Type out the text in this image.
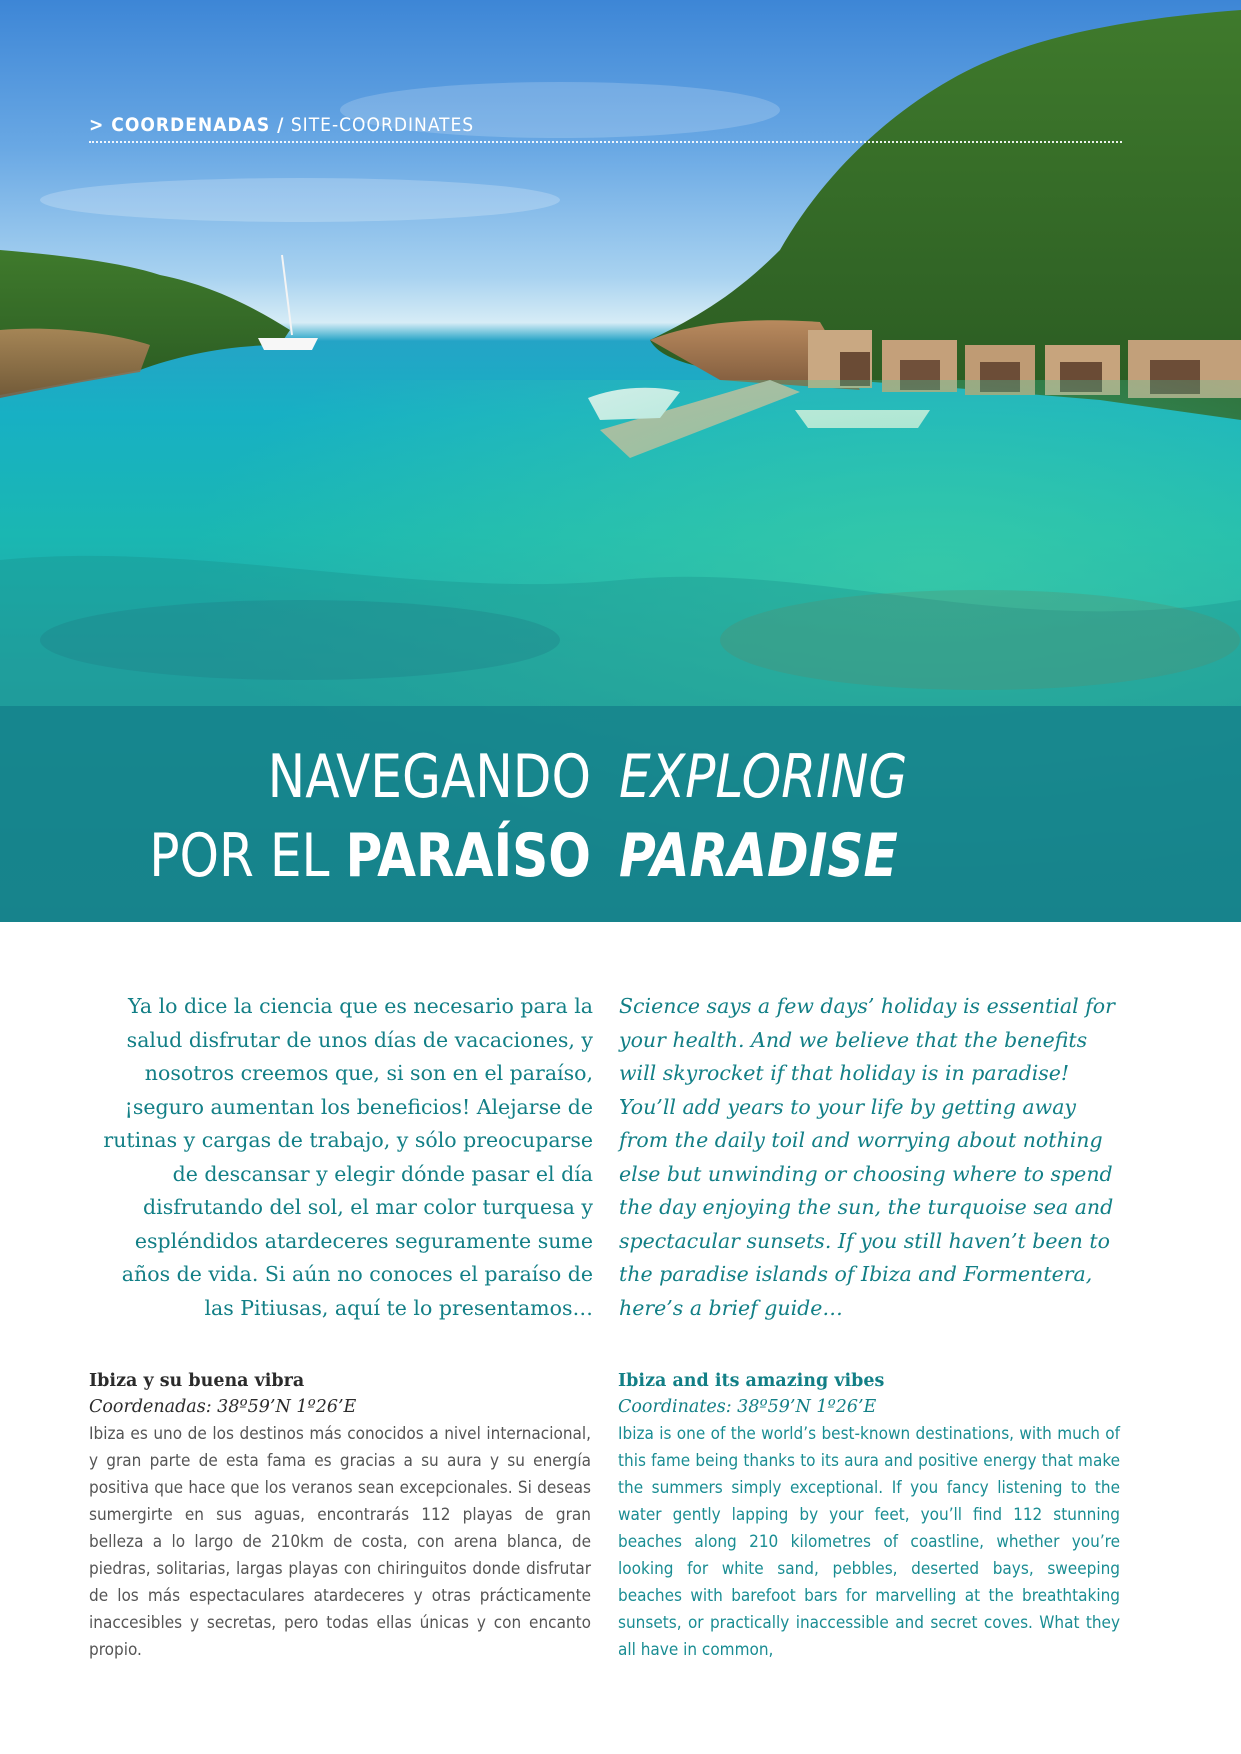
> COORDENADAS / SITE-COORDINATES
NAVEGANDO
POR EL PARAÍSO
EXPLORING
PARADISE

Ya lo dice la ciencia que es necesario para la salud disfrutar de unos días de vacaciones, y nosotros creemos que, si son en el paraíso, ¡seguro aumentan los beneficios! Alejarse de rutinas y cargas de trabajo, y sólo preocuparse de descansar y elegir dónde pasar el día disfrutando del sol, el mar color turquesa y espléndidos atardeceres seguramente sume años de vida. Si aún no conoces el paraíso de las Pitiusas, aquí te lo presentamos…

Science says a few days’ holiday is essential for your health. And we believe that the benefits will skyrocket if that holiday is in paradise! You’ll add years to your life by getting away from the daily toil and worrying about nothing else but unwinding or choosing where to spend the day enjoying the sun, the turquoise sea and spectacular sunsets. If you still haven’t been to the paradise islands of Ibiza and Formentera, here’s a brief guide…

Ibiza y su buena vibra

Coordenadas: 38º59’N 1º26’E

Ibiza es uno de los destinos más conocidos a nivel internacional, y gran parte de esta fama es gracias a su aura y su energía positiva que hace que los veranos sean excepcionales. Si deseas sumergirte en sus aguas, encontrarás 112 playas de gran belleza a lo largo de 210km de costa, con arena blanca, de piedras, solitarias, largas playas con chiringuitos donde disfrutar de los más espectaculares atardeceres y otras prácticamente inaccesibles y secretas, pero todas ellas únicas y con encanto propio.

Ibiza and its amazing vibes

Coordinates: 38º59’N 1º26’E

Ibiza is one of the world’s best-known destinations, with much of this fame being thanks to its aura and positive energy that make the summers simply exceptional. If you fancy listening to the water gently lapping by your feet, you’ll find 112 stunning beaches along 210 kilometres of coastline, whether you’re looking for white sand, pebbles, deserted bays, sweeping beaches with barefoot bars for marvelling at the breathtaking sunsets, or practically inaccessible and secret coves. What they all have in common,
